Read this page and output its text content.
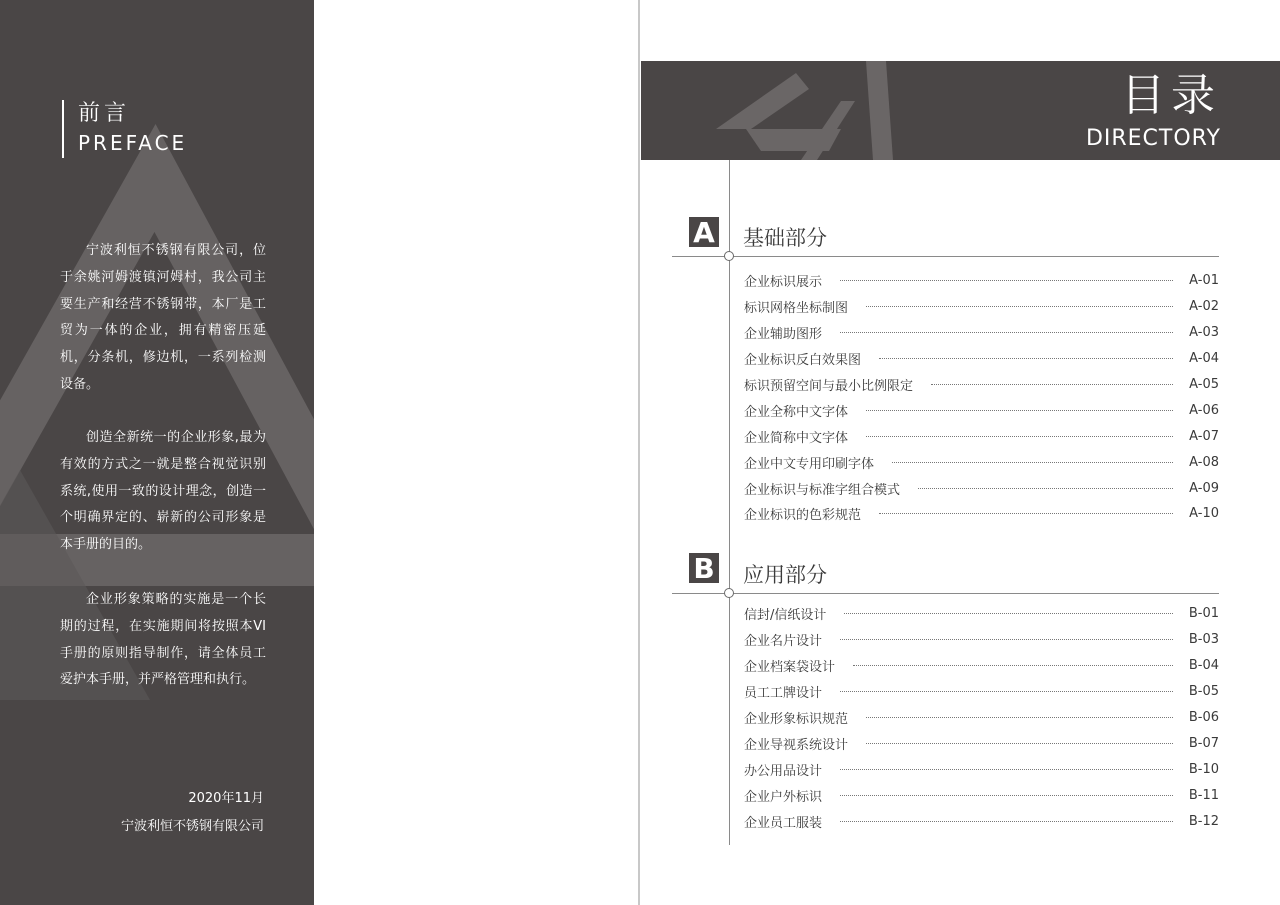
前言
PREFACE

宁波利恒不锈钢有限公司，位于余姚河姆渡镇河姆村，我公司主要生产和经营不锈钢带，本厂是工贸为一体的企业，拥有精密压延机，分条机，修边机，一系列检测设备。

创造全新统一的企业形象,最为有效的方式之一就是整合视觉识别系统,使用一致的设计理念，创造一个明确界定的、崭新的公司形象是本手册的目的。

企业形象策略的实施是一个长期的过程，在实施期间将按照本VI手册的原则指导制作，请全体员工爱护本手册，并严格管理和执行。

2020年11月
宁波利恒不锈钢有限公司
目录
DIRECTORY
A 基础部分
企业标识展示	A-01
标识网格坐标制图	A-02
企业辅助图形	A-03
企业标识反白效果图	A-04
标识预留空间与最小比例限定	A-05
企业全称中文字体	A-06
企业简称中文字体	A-07
企业中文专用印刷字体	A-08
企业标识与标准字组合模式	A-09
企业标识的色彩规范	A-10
B 应用部分
信封/信纸设计	B-01
企业名片设计	B-03
企业档案袋设计	B-04
员工工牌设计	B-05
企业形象标识规范	B-06
企业导视系统设计	B-07
办公用品设计	B-10
企业户外标识	B-11
企业员工服装	B-12
